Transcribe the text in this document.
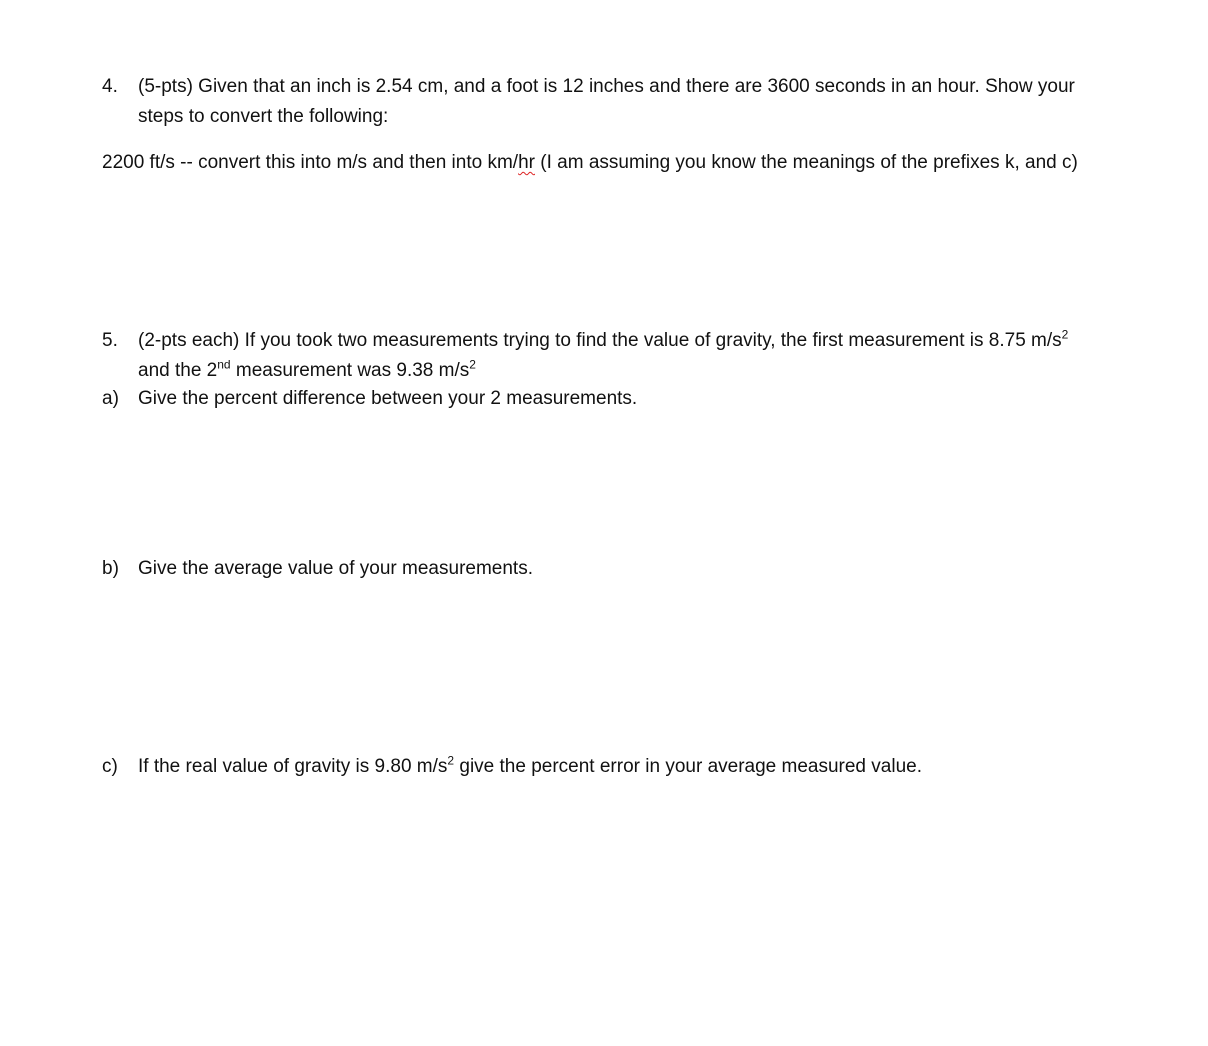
4. (5-pts) Given that an inch is 2.54 cm, and a foot is 12 inches and there are 3600 seconds in an hour. Show your
steps to convert the following:
2200 ft/s -- convert this into m/s and then into km/hr (I am assuming you know the meanings of the prefixes k, and c)
5. (2-pts each) If you took two measurements trying to find the value of gravity, the first measurement is 8.75 $m/s^2$
and the 2nd measurement was 9.38 $m/s^2$
a) Give the percent difference between your 2 measurements.
b) Give the average value of your measurements.
c) If the real value of gravity is 9.80 $m/s^2$ give the percent error in your average measured value.
